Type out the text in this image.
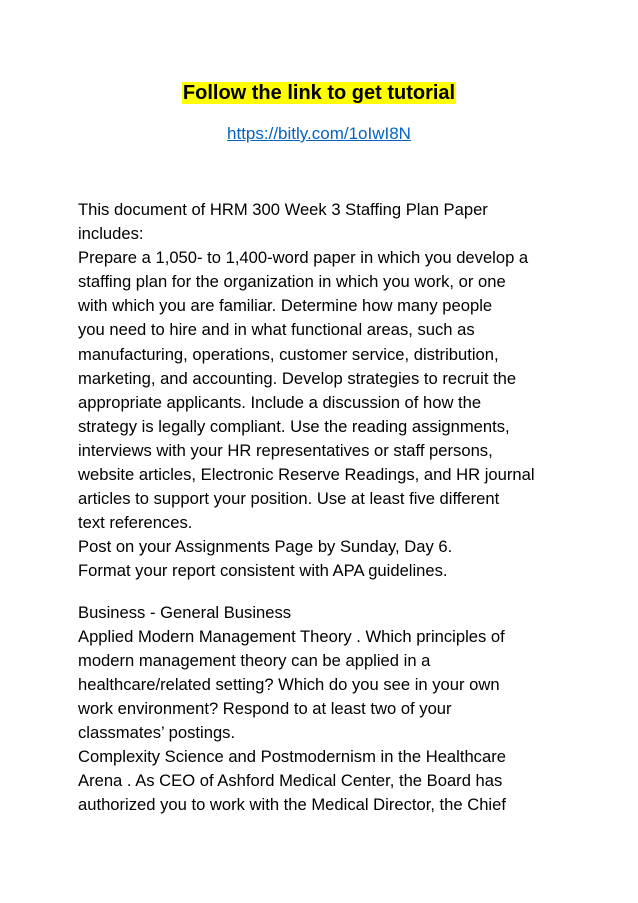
Follow the link to get tutorial
https://bitly.com/1oIwI8N
This document of HRM 300 Week 3 Staffing Plan Paper
includes:
Prepare a 1,050- to 1,400-word paper in which you develop a
staffing plan for the organization in which you work, or one
with which you are familiar. Determine how many people
you need to hire and in what functional areas, such as
manufacturing, operations, customer service, distribution,
marketing, and accounting. Develop strategies to recruit the
appropriate applicants. Include a discussion of how the
strategy is legally compliant. Use the reading assignments,
interviews with your HR representatives or staff persons,
website articles, Electronic Reserve Readings, and HR journal
articles to support your position. Use at least five different
text references.
Post on your Assignments Page by Sunday, Day 6.
Format your report consistent with APA guidelines.
Business - General Business
Applied Modern Management Theory . Which principles of
modern management theory can be applied in a
healthcare/related setting? Which do you see in your own
work environment? Respond to at least two of your
classmates’ postings.
Complexity Science and Postmodernism in the Healthcare
Arena . As CEO of Ashford Medical Center, the Board has
authorized you to work with the Medical Director, the Chief
